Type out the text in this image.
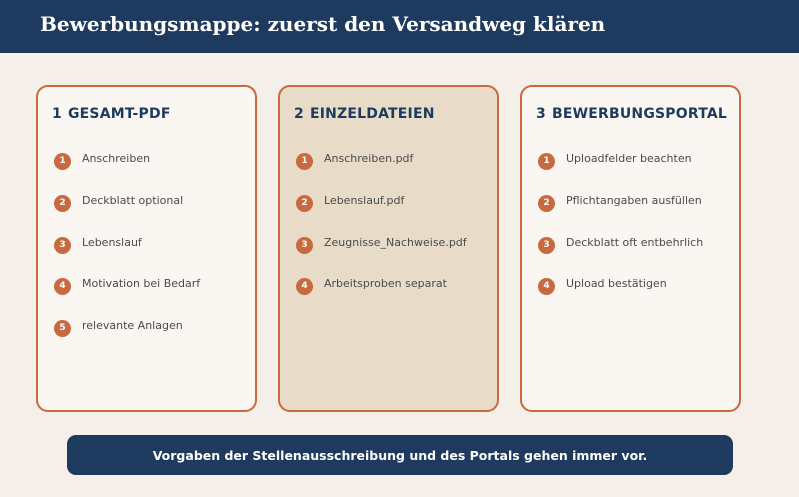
Bewerbungsmappe: zuerst den Versandweg klären
1 GESAMT-PDF
1	Anschreiben
2	Deckblatt optional
3	Lebenslauf
4	Motivation bei Bedarf
5	relevante Anlagen
2 EINZELDATEIEN
1	Anschreiben.pdf
2	Lebenslauf.pdf
3	Zeugnisse_Nachweise.pdf
4	Arbeitsproben separat
3 BEWERBUNGSPORTAL
1	Uploadfelder beachten
2	Pflichtangaben ausfüllen
3	Deckblatt oft entbehrlich
4	Upload bestätigen
Vorgaben der Stellenausschreibung und des Portals gehen immer vor.
